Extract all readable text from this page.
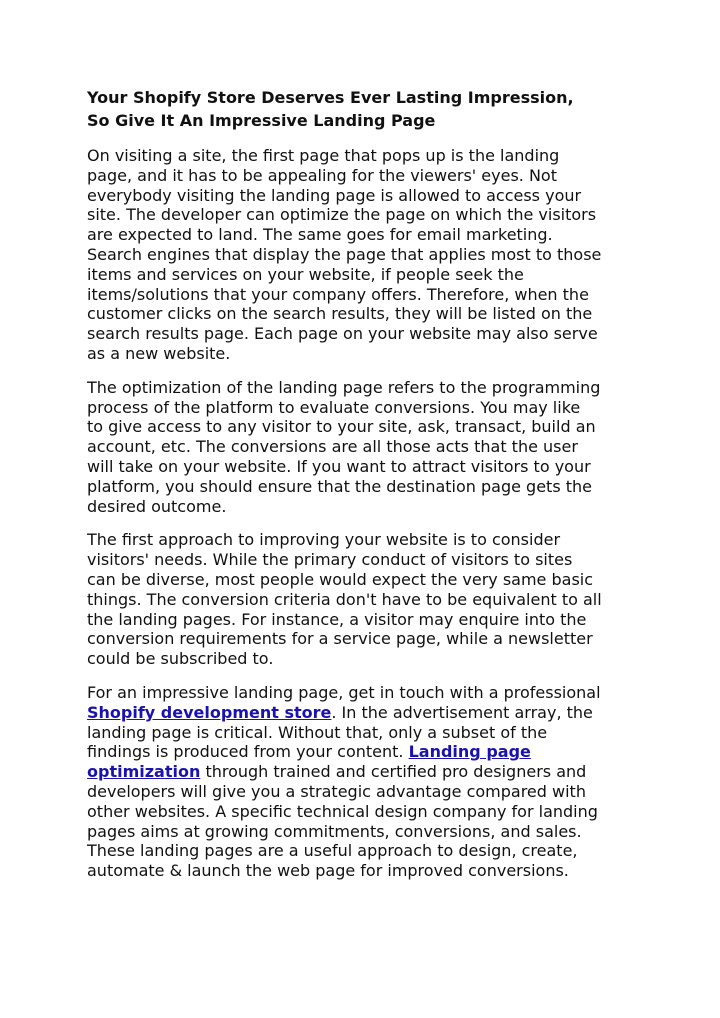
Your Shopify Store Deserves Ever Lasting Impression,
So Give It An Impressive Landing Page

On visiting a site, the first page that pops up is the landing
page, and it has to be appealing for the viewers' eyes. Not
everybody visiting the landing page is allowed to access your
site. The developer can optimize the page on which the visitors
are expected to land. The same goes for email marketing.
Search engines that display the page that applies most to those
items and services on your website, if people seek the
items/solutions that your company offers. Therefore, when the
customer clicks on the search results, they will be listed on the
search results page. Each page on your website may also serve
as a new website.

The optimization of the landing page refers to the programming
process of the platform to evaluate conversions. You may like
to give access to any visitor to your site, ask, transact, build an
account, etc. The conversions are all those acts that the user
will take on your website. If you want to attract visitors to your
platform, you should ensure that the destination page gets the
desired outcome.

The first approach to improving your website is to consider
visitors' needs. While the primary conduct of visitors to sites
can be diverse, most people would expect the very same basic
things. The conversion criteria don't have to be equivalent to all
the landing pages. For instance, a visitor may enquire into the
conversion requirements for a service page, while a newsletter
could be subscribed to.

For an impressive landing page, get in touch with a professional
Shopify development store. In the advertisement array, the
landing page is critical. Without that, only a subset of the
findings is produced from your content. Landing page
optimization through trained and certified pro designers and
developers will give you a strategic advantage compared with
other websites. A specific technical design company for landing
pages aims at growing commitments, conversions, and sales.
These landing pages are a useful approach to design, create,
automate & launch the web page for improved conversions.
